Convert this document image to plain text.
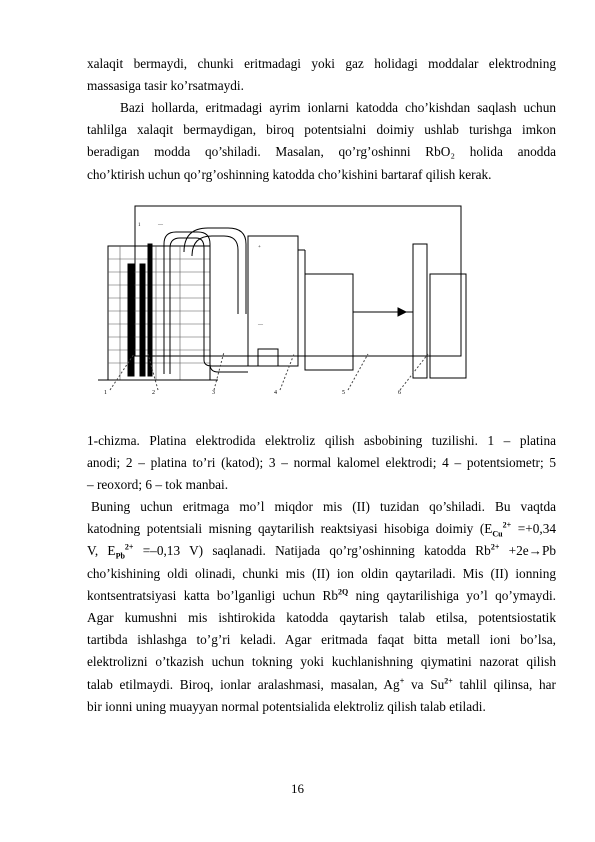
xalaqit bermaydi, chunki eritmadagi yoki gaz holidagi moddalar elektrodning
massasiga tasir ko’rsatmaydi.
Bazi hollarda, eritmadagi ayrim ionlarni katodda cho’kishdan saqlash uchun
tahlilga xalaqit bermaydigan, biroq potentsialni doimiy ushlab turishga imkon
beradigan modda qo’shiladi. Masalan, qo’rg’oshinni RbO₂ holida anodda
cho’ktirish uchun qo’rg’oshinning katodda cho’kishini bartaraf qilish kerak.
1	—
+
—
1	2	3	4	5	6
1-chizma. Platina elektrodida elektroliz qilish asbobining tuzilishi. 1 – platina
anodi; 2 – platina to’ri (katod); 3 – normal kalomel elektrodi; 4 – potentsiometr; 5
– reoxord; 6 – tok manbai.
Buning uchun eritmaga mo’l miqdor mis (II) tuzidan qo’shiladi. Bu vaqtda
katodning potentsiali misning qaytarilish reaktsiyasi hisobiga doimiy ($E_{Cu}^{2+} =+0,34$
V, $E_{Pb}^{2+} =-0,13$ V) saqlanadi. Natijada qo’rg’oshinning katodda $Rb^{2+} +2e\to Pb$
cho’kishining oldi olinadi, chunki mis (II) ion oldin qaytariladi. Mis (II) ionning
kontsentratsiyasi katta bo’lganligi uchun $Rb^{2Q}$ ning qaytarilishiga yo’l qo’ymaydi.
Agar kumushni mis ishtirokida katodda qaytarish talab etilsa, potentsiostatik
tartibda ishlashga to’g’ri keladi. Agar eritmada faqat bitta metall ioni bo’lsa,
elektrolizni o’tkazish uchun tokning yoki kuchlanishning qiymatini nazorat qilish
talab etilmaydi. Biroq, ionlar aralashmasi, masalan, Ag+ va $Su^{2+}$ tahlil qilinsa, har
bir ionni uning muayyan normal potentsialida elektroliz qilish talab etiladi.
16
